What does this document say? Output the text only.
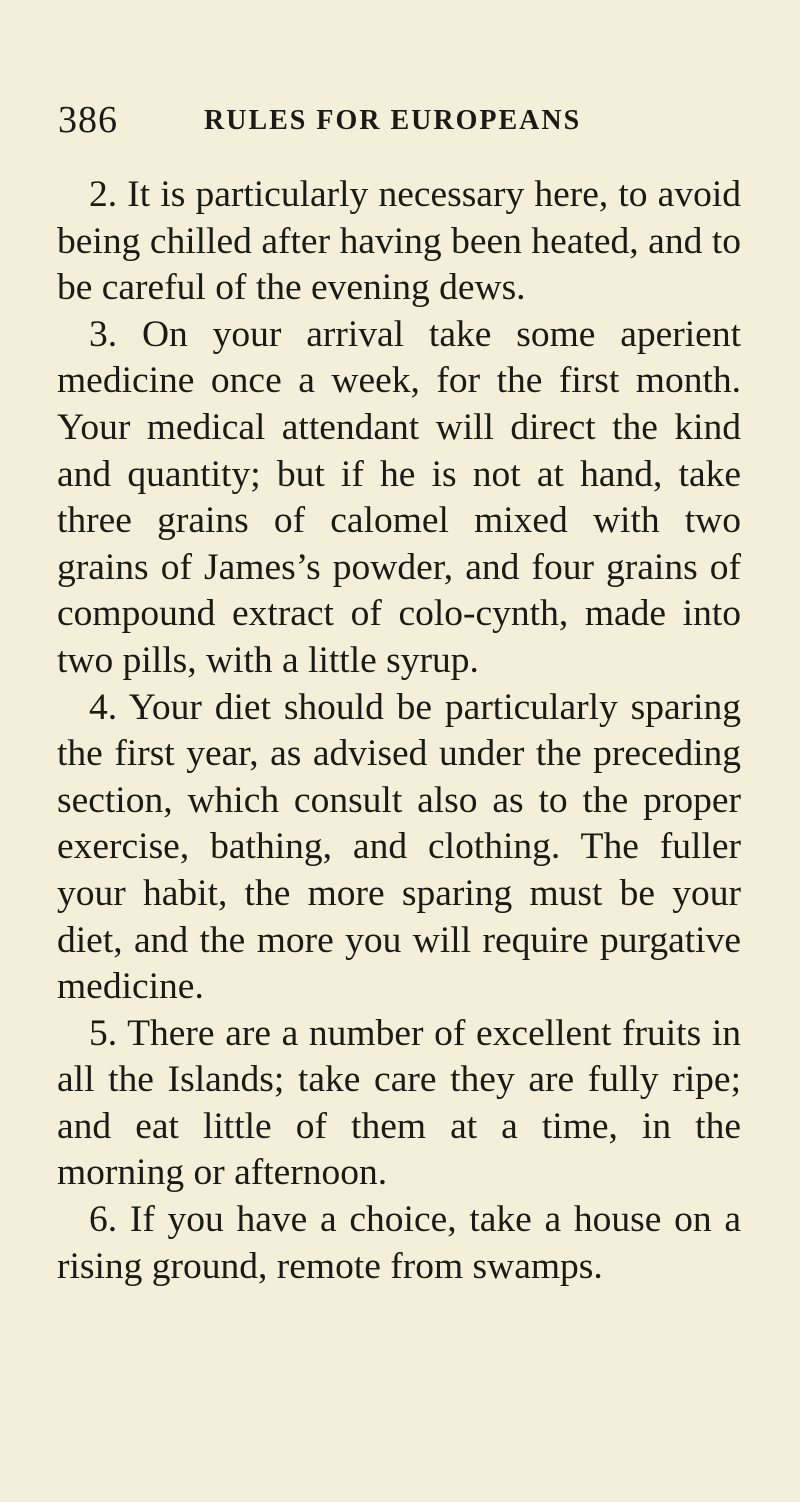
386	RULES FOR EUROPEANS

2. It is particularly necessary here, to avoid being chilled after having been heated, and to be careful of the evening dews.

3. On your arrival take some aperient medicine once a week, for the first month. Your medical attendant will direct the kind and quantity; but if he is not at hand, take three grains of calomel mixed with two grains of James’s powder, and four grains of compound extract of colo-cynth, made into two pills, with a little syrup.

4. Your diet should be particularly sparing the first year, as advised under the preceding section, which consult also as to the proper exercise, bathing, and clothing. The fuller your habit, the more sparing must be your diet, and the more you will require purgative medicine.

5. There are a number of excellent fruits in all the Islands; take care they are fully ripe; and eat little of them at a time, in the morning or afternoon.

6. If you have a choice, take a house on a rising ground, remote from swamps.
